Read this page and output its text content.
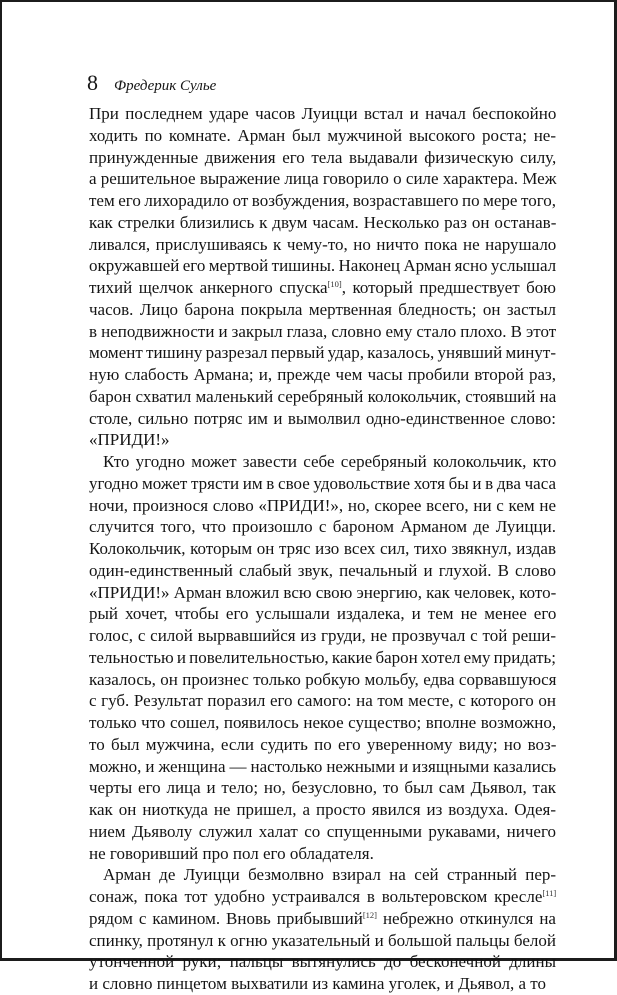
8 Фредерик Сулье
При последнем ударе часов Луицци встал и начал беспокойно
ходить по комнате. Арман был мужчиной высокого роста; не-
принужденные движения его тела выдавали физическую силу,
а решительное выражение лица говорило о силе характера. Меж
тем его лихорадило от возбуждения, возраставшего по мере того,
как стрелки близились к двум часам. Несколько раз он останав-
ливался, прислушиваясь к чему-то, но ничто пока не нарушало
окружавшей его мертвой тишины. Наконец Арман ясно услышал
тихий щелчок анкерного спуска[10], который предшествует бою
часов. Лицо барона покрыла мертвенная бледность; он застыл
в неподвижности и закрыл глаза, словно ему стало плохо. В этот
момент тишину разрезал первый удар, казалось, унявший минут-
ную слабость Армана; и, прежде чем часы пробили второй раз,
барон схватил маленький серебряный колокольчик, стоявший на
столе, сильно потряс им и вымолвил одно-единственное слово:
«ПРИДИ!»
Кто угодно может завести себе серебряный колокольчик, кто
угодно может трясти им в свое удовольствие хотя бы и в два часа
ночи, произнося слово «ПРИДИ!», но, скорее всего, ни с кем не
случится того, что произошло с бароном Арманом де Луицци.
Колокольчик, которым он тряс изо всех сил, тихо звякнул, издав
один-единственный слабый звук, печальный и глухой. В слово
«ПРИДИ!» Арман вложил всю свою энергию, как человек, кото-
рый хочет, чтобы его услышали издалека, и тем не менее его
голос, с силой вырвавшийся из груди, не прозвучал с той реши-
тельностью и повелительностью, какие барон хотел ему придать;
казалось, он произнес только робкую мольбу, едва сорвавшуюся
с губ. Результат поразил его самого: на том месте, с которого он
только что сошел, появилось некое существо; вполне возможно,
то был мужчина, если судить по его уверенному виду; но воз-
можно, и женщина — настолько нежными и изящными казались
черты его лица и тело; но, безусловно, то был сам Дьявол, так
как он ниоткуда не пришел, а просто явился из воздуха. Одея-
нием Дьяволу служил халат со спущенными рукавами, ничего
не говоривший про пол его обладателя.
Арман де Луицци безмолвно взирал на сей странный пер-
сонаж, пока тот удобно устраивался в вольтеровском кресле[11]
рядом с камином. Вновь прибывший[12] небрежно откинулся на
спинку, протянул к огню указательный и большой пальцы белой
утонченной руки; пальцы вытянулись до бесконечной длины
и словно пинцетом выхватили из камина уголек, и Дьявол, а то
